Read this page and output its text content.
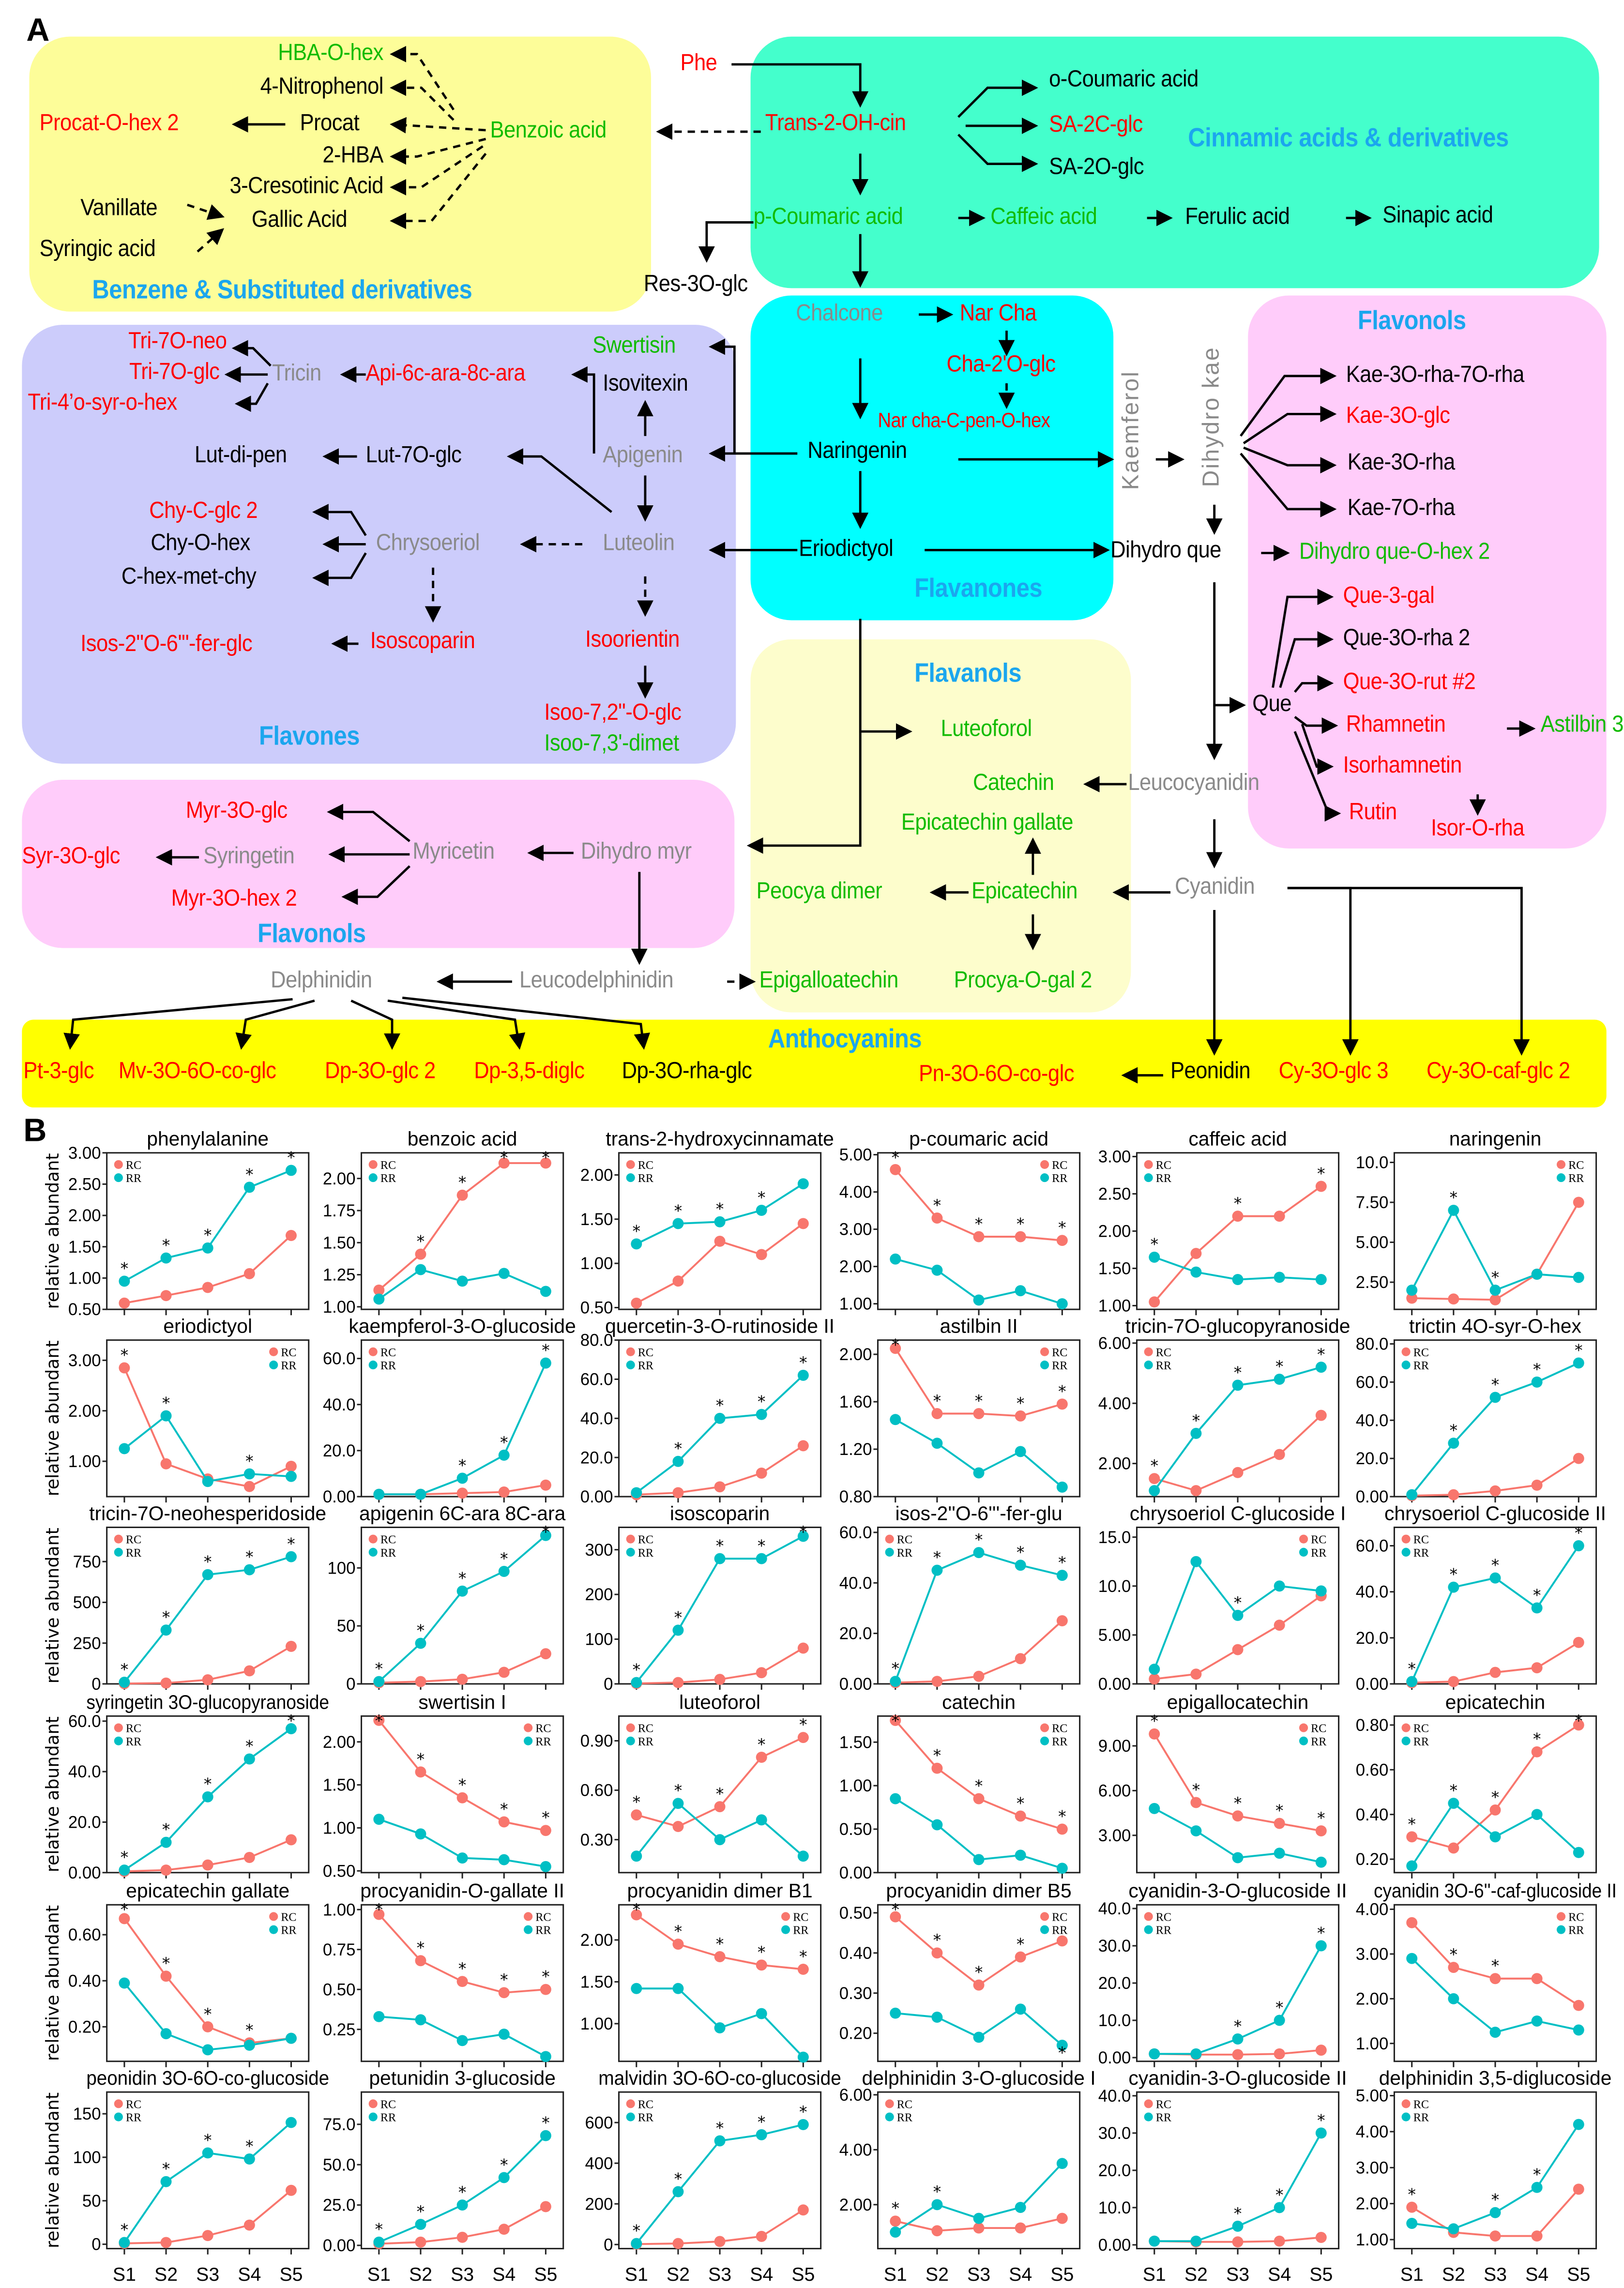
A
B
HBA-O-hex
4-Nitrophenol
Procat-O-hex 2	Procat
2-HBA
3-Cresotinic Acid
Vanillate	Gallic Acid
Syringic acid
Benzoic acid
Benzene & Substituted derivatives
Phe
Trans-2-OH-cin
o-Coumaric acid
SA-2C-glc
SA-2O-glc
Cinnamic acids & derivatives
p-Coumaric acid	Caffeic acid	Ferulic acid	Sinapic acid
Res-3O-glc
Chalcone	Nar Cha
Cha-2'O-glc
Nar cha-C-pen-O-hex
Naringenin
Eriodictyol
Flavanones
Kaemferol	Dihydro kae
Dihydro que	Dihydro que-O-hex 2
Flavonols
Kae-3O-rha-7O-rha
Kae-3O-glc
Kae-3O-rha
Kae-7O-rha
Que-3-gal
Que-3O-rha 2
Que-3O-rut #2
Rhamnetin	Astilbin 3
Isorhamnetin
Rutin
Isor-O-rha
Que
Tri-7O-neo
Tri-7O-glc
Tri-4’o-syr-o-hex
Tricin	Api-6c-ara-8c-ara
Swertisin
Isovitexin
Apigenin
Lut-di-pen	Lut-7O-glc
Chy-C-glc 2
Chy-O-hex
C-hex-met-chy
Chrysoeriol	Luteolin
Isos-2"O-6'"-fer-glc	Isoscoparin	Isoorientin
Isoo-7,2"-O-glc
Isoo-7,3'-dimet
Flavones
Flavanols
Luteoforol
Catechin	Leucocyanidin
Epicatechin gallate
Peocya dimer	Epicatechin	Cyanidin
Myr-3O-glc
Syr-3O-glc	Syringetin	Myricetin	Dihydro myr
Myr-3O-hex 2
Flavonols
Delphinidin	Leucodelphinidin	Epigalloatechin	Procya-O-gal 2
Anthocyanins
Pt-3-glc	Mv-3O-6O-co-glc	Dp-3O-glc 2	Dp-3,5-diglc	Dp-3O-rha-glc	Pn-3O-6O-co-glc	Peonidin	Cy-3O-glc 3	Cy-3O-caf-glc 2
phenylalanine
0.50
1.00
1.50
2.00
2.50
3.00
relative abundant	*
*
*
*
*
RC
RR
benzoic acid
1.00
1.25
1.50
1.75
2.00
*
*
*	*
RC
RR
trans-2-hydroxycinnamate
0.50
1.00
1.50
2.00
*
*	*
*
RC
RR
p-coumaric acid
1.00
2.00
3.00
4.00
5.00	*
*
*	*	*
RC
RR
caffeic acid
1.00
1.50
2.00
2.50
3.00
*
*
*
RC
RR
naringenin
2.50
5.00
7.50
10.0
*
*
RC
RR
eriodictyol
1.00
2.00
3.00
relative abundant	*
*
*
RC
RR
kaempferol-3-O-glucoside
0.00
20.0
40.0
60.0
*
*
*
RC
RR
quercetin-3-O-rutinoside II
0.00
20.0
40.0
60.0
80.0
*
*	*
*
RC
RR
astilbin II
0.80
1.20
1.60
2.00
*
*	*	*
*
RC
RR
tricin-7O-glucopyranoside
2.00
4.00
6.00
*
*
*	*
*
RC
RR
trictin 4O-syr-O-hex
0.00
20.0
40.0
60.0
80.0
*
*
*
*
RC
RR
tricin-7O-neohesperidoside
0
250
500
750
relative abundant	*
*
*	*
*
RC
RR
apigenin 6C-ara 8C-ara
0
50
100
*
*
*
*
*
RC
RR
isoscoparin
0
100
200
300
*
*
*	*
*
RC
RR
isos-2''O-6'''-fer-glu
0.00
20.0
40.0
60.0
*
*
*
*
*
RC
RR
chrysoeriol C-glucoside I
0.00
5.00
10.0
15.0
*
RC
RR
chrysoeriol C-glucoside II
0.00
20.0
40.0
60.0
*
*	*
*
*
RC
RR
syringetin 3O-glucopyranoside
0.00
20.0
40.0
60.0
relative abundant	*
*
*
*
*
RC
RR
swertisin I
0.50
1.00
1.50
2.00
*
*
*
*	*
RC
RR
luteoforol
0.30
0.60
0.90
*
*	*
*
*
RC
RR
catechin
0.00
0.50
1.00
1.50
*
*
*
*
*
RC
RR
epigallocatechin
3.00
6.00
9.00
*
*
*	*	*
RC
RR
epicatechin
0.20
0.40
0.60
0.80
*
*	*
*
*
RC
RR
epicatechin gallate
0.20
0.40
0.60
relative abundant	*
*
*
*
RC
RR
procyanidin-O-gallate II
0.25
0.50
0.75
1.00	*
*
*
*	*
RC
RR
procyanidin dimer B1
1.00
1.50
2.00
*
*
*	*	*
RC
RR
procyanidin dimer B5
0.20
0.30
0.40
0.50	*
*
*
*
*
RC
RR
cyanidin-3-O-glucoside II
0.00
10.0
20.0
30.0
40.0
*
*
*
RC
RR
cyanidin 3O-6''-caf-glucoside II
1.00
2.00
3.00
4.00
*
*
RC
RR
peonidin 3O-6O-co-glucoside
0
50
100
150
S1	S2	S3	S4	S5
relative abundant	*
*
*	*
RC
RR
petunidin 3-glucoside
0.00
25.0
50.0
75.0
S1	S2	S3	S4	S5
*
*
*
*
*
RC
RR
malvidin 3O-6O-co-glucoside
0
200
400
600
S1	S2	S3	S4	S5
*
*
*	*
*
RC
RR
delphinidin 3-O-glucoside I
2.00
4.00
6.00
S1	S2	S3	S4	S5
*
*
RC
RR
cyanidin-3-O-glucoside II
0.00
10.0
20.0
30.0
40.0
S1	S2	S3	S4	S5
*
*
*
RC
RR
delphinidin 3,5-diglucoside
1.00
2.00
3.00
4.00
5.00
S1	S2	S3	S4	S5
*	*
*
RC
RR
